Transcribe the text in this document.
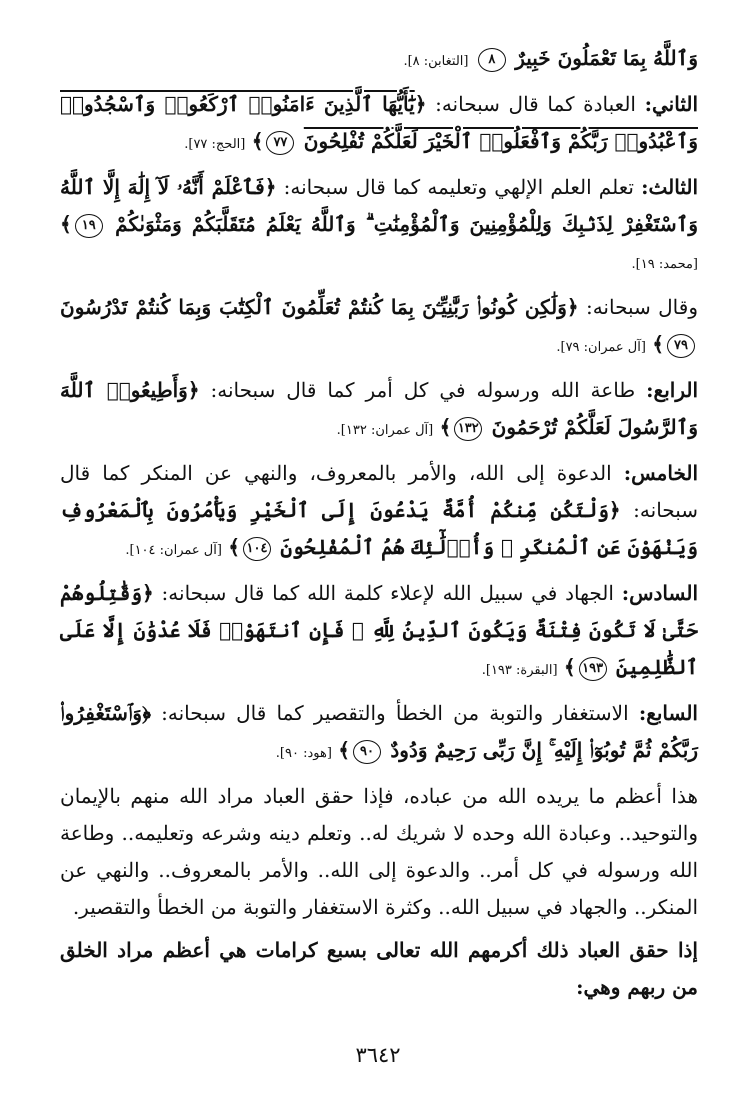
وَٱللَّهُ بِمَا تَعْمَلُونَ خَبِيرٌ ٨ [التغابن: ٨].

الثاني: العبادة كما قال سبحانه: ﴿يَٰٓأَيُّهَا ٱلَّذِينَ ءَامَنُوا۟ ٱرْكَعُوا۟ وَٱسْجُدُوا۟ وَٱعْبُدُوا۟ رَبَّكُمْ وَٱفْعَلُوا۟ ٱلْخَيْرَ لَعَلَّكُمْ تُفْلِحُونَ ٧٧﴾ [الحج: ٧٧].

الثالث: تعلم العلم الإلهي وتعليمه كما قال سبحانه: ﴿فَٱعْلَمْ أَنَّهُۥ لَآ إِلَٰهَ إِلَّا ٱللَّهُ وَٱسْتَغْفِرْ لِذَنۢبِكَ وَلِلْمُؤْمِنِينَ وَٱلْمُؤْمِنَٰتِ ۗ وَٱللَّهُ يَعْلَمُ مُتَقَلَّبَكُمْ وَمَثْوَىٰكُمْ ١٩﴾ [محمد: ١٩].

وقال سبحانه: ﴿وَلَٰكِن كُونُوا۟ رَبَّٰنِيِّـۧنَ بِمَا كُنتُمْ تُعَلِّمُونَ ٱلْكِتَٰبَ وَبِمَا كُنتُمْ تَدْرُسُونَ ٧٩﴾ [آل عمران: ٧٩].

الرابع: طاعة الله ورسوله في كل أمر كما قال سبحانه: ﴿وَأَطِيعُوا۟ ٱللَّهَ وَٱلرَّسُولَ لَعَلَّكُمْ تُرْحَمُونَ ١٣٢﴾ [آل عمران: ١٣٢].

الخامس: الدعوة إلى الله، والأمر بالمعروف، والنهي عن المنكر كما قال سبحانه: ﴿وَلْتَكُن مِّنكُمْ أُمَّةٌ يَدْعُونَ إِلَى ٱلْخَيْرِ وَيَأْمُرُونَ بِٱلْمَعْرُوفِ وَيَنْهَوْنَ عَنِ ٱلْمُنكَرِ ۚ وَأُو۟لَٰٓئِكَ هُمُ ٱلْمُفْلِحُونَ ١٠٤﴾ [آل عمران: ١٠٤].

السادس: الجهاد في سبيل الله لإعلاء كلمة الله كما قال سبحانه: ﴿وَقَٰتِلُوهُمْ حَتَّىٰ لَا تَكُونَ فِتْنَةٌ وَيَكُونَ ٱلدِّينُ لِلَّهِ ۖ فَإِنِ ٱنتَهَوْا۟ فَلَا عُدْوَٰنَ إِلَّا عَلَى ٱلظَّٰلِمِينَ ١٩٣﴾ [البقرة: ١٩٣].

السابع: الاستغفار والتوبة من الخطأ والتقصير كما قال سبحانه: ﴿وَٱسْتَغْفِرُوا۟ رَبَّكُمْ ثُمَّ تُوبُوٓا۟ إِلَيْهِ ۚ إِنَّ رَبِّى رَحِيمٌ وَدُودٌ ٩٠﴾ [هود: ٩٠].

هذا أعظم ما يريده الله من عباده، فإذا حقق العباد مراد الله منهم بالإيمان والتوحيد.. وعبادة الله وحده لا شريك له.. وتعلم دينه وشرعه وتعليمه.. وطاعة الله ورسوله في كل أمر.. والدعوة إلى الله.. والأمر بالمعروف.. والنهي عن المنكر.. والجهاد في سبيل الله.. وكثرة الاستغفار والتوبة من الخطأ والتقصير.

إذا حقق العباد ذلك أكرمهم الله تعالى بسبع كرامات هي أعظم مراد الخلق من ربهم وهي:

٣٦٤٢
